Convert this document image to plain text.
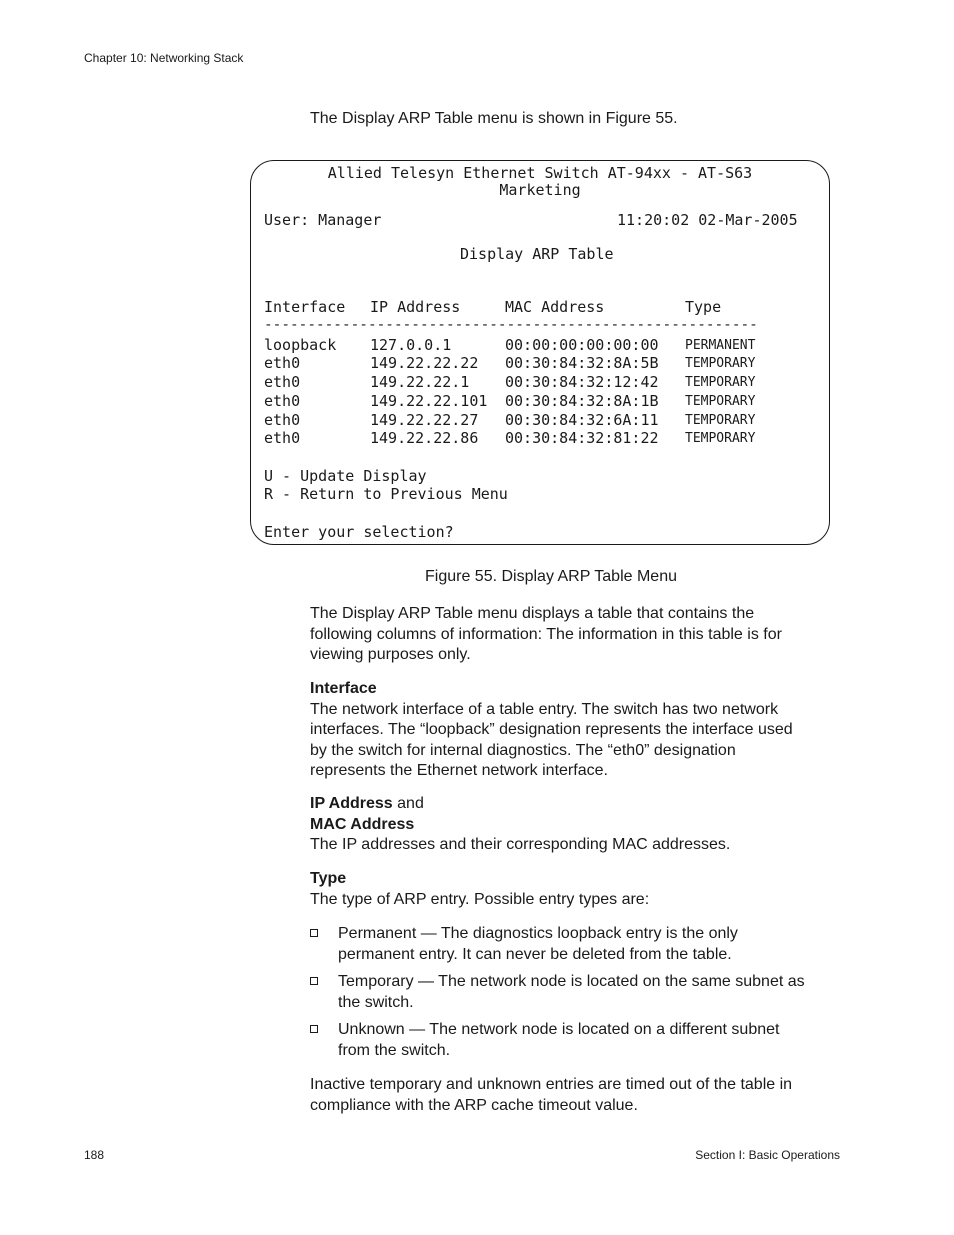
Chapter 10: Networking Stack
The Display ARP Table menu is shown in Figure 55.
Allied Telesyn Ethernet Switch AT-94xx - AT-S63
Marketing
User: Manager	11:20:02 02-Mar-2005
Display ARP Table
Interface IP Address	MAC Address	Type
---------------------------------------------------------
loopback 127.0.0.1	00:00:00:00:00:00 PERMANENT
eth0	149.22.22.22 00:30:84:32:8A:5B TEMPORARY
eth0	149.22.22.1 00:30:84:32:12:42 TEMPORARY
eth0	149.22.22.101 00:30:84:32:8A:1B TEMPORARY
eth0	149.22.22.27 00:30:84:32:6A:11 TEMPORARY
eth0	149.22.22.86 00:30:84:32:81:22 TEMPORARY
U - Update Display
R - Return to Previous Menu
Enter your selection?
Figure 55. Display ARP Table Menu
The Display ARP Table menu displays a table that contains the
following columns of information: The information in this table is for
viewing purposes only.
Interface
The network interface of a table entry. The switch has two network
interfaces. The “loopback” designation represents the interface used
by the switch for internal diagnostics. The “eth0” designation
represents the Ethernet network interface.
IP Address and
MAC Address
The IP addresses and their corresponding MAC addresses.
Type
The type of ARP entry. Possible entry types are:
Permanent — The diagnostics loopback entry is the only
permanent entry. It can never be deleted from the table.
Temporary — The network node is located on the same subnet as
the switch.
Unknown — The network node is located on a different subnet
from the switch.
Inactive temporary and unknown entries are timed out of the table in
compliance with the ARP cache timeout value.
188	Section I: Basic Operations
